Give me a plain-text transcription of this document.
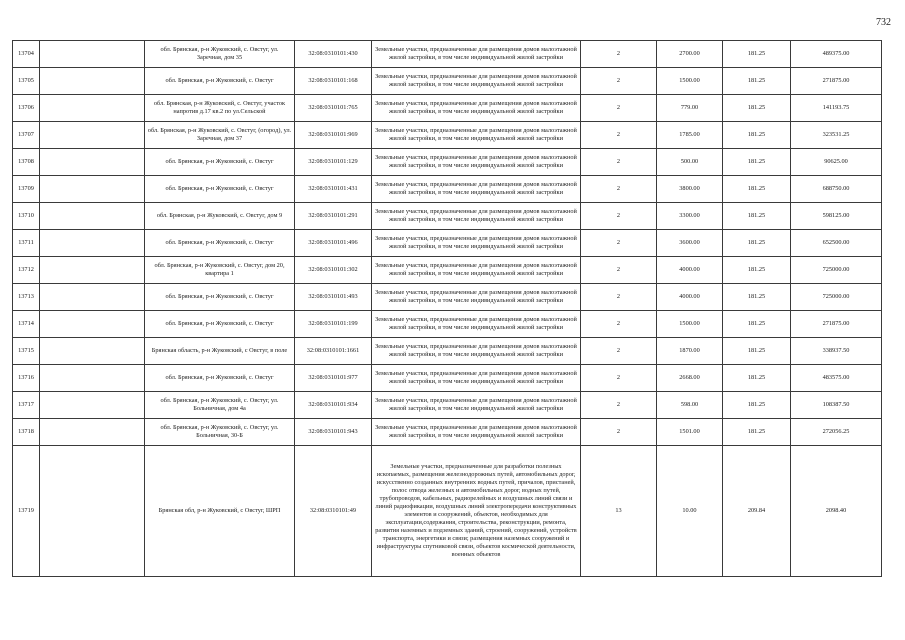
732
13704		обл. Брянская, р-н Жуковский, с. Овстуг, ул. Заречная, дом 35	32:08:0310101:430	Земельные участки, предназначенные для размещения домов малоэтажной жилой застройки, в том числе индивидуальной жилой застройки	2	2700.00	181.25	489375.00
13705		обл. Брянская, р-н Жуковский, с. Овстуг	32:08:0310101:168	Земельные участки, предназначенные для размещения домов малоэтажной жилой застройки, в том числе индивидуальной жилой застройки	2	1500.00	181.25	271875.00
13706		обл. Брянская, р-н Жуковский, с. Овстуг, участок напротив д.17 кв.2 по ул.Сельской	32:08:0310101:765	Земельные участки, предназначенные для размещения домов малоэтажной жилой застройки, в том числе индивидуальной жилой застройки	2	779.00	181.25	141193.75
13707		обл. Брянская, р-н Жуковский, с. Овстуг, (огород), ул. Заречная, дом 37	32:08:0310101:969	Земельные участки, предназначенные для размещения домов малоэтажной жилой застройки, в том числе индивидуальной жилой застройки	2	1785.00	181.25	323531.25
13708		обл. Брянская, р-н Жуковский, с. Овстуг	32:08:0310101:129	Земельные участки, предназначенные для размещения домов малоэтажной жилой застройки, в том числе индивидуальной жилой застройки	2	500.00	181.25	90625.00
13709		обл. Брянская, р-н Жуковский, с. Овстуг	32:08:0310101:431	Земельные участки, предназначенные для размещения домов малоэтажной жилой застройки, в том числе индивидуальной жилой застройки	2	3800.00	181.25	688750.00
13710		обл. Брянская, р-н Жуковский, с. Овстуг, дом 9	32:08:0310101:291	Земельные участки, предназначенные для размещения домов малоэтажной жилой застройки, в том числе индивидуальной жилой застройки	2	3300.00	181.25	598125.00
13711		обл. Брянская, р-н Жуковский, с. Овстуг	32:08:0310101:496	Земельные участки, предназначенные для размещения домов малоэтажной жилой застройки, в том числе индивидуальной жилой застройки	2	3600.00	181.25	652500.00
13712		обл. Брянская, р-н Жуковский, с. Овстуг, дом 20, квартира 1	32:08:0310101:302	Земельные участки, предназначенные для размещения домов малоэтажной жилой застройки, в том числе индивидуальной жилой застройки	2	4000.00	181.25	725000.00
13713		обл. Брянская, р-н Жуковский, с. Овстуг	32:08:0310101:493	Земельные участки, предназначенные для размещения домов малоэтажной жилой застройки, в том числе индивидуальной жилой застройки	2	4000.00	181.25	725000.00
13714		обл. Брянская, р-н Жуковский, с. Овстуг	32:08:0310101:199	Земельные участки, предназначенные для размещения домов малоэтажной жилой застройки, в том числе индивидуальной жилой застройки	2	1500.00	181.25	271875.00
13715		Брянская область, р-н Жуковский, с Овстуг, в поле	32:08:0310101:1661	Земельные участки, предназначенные для размещения домов малоэтажной жилой застройки, в том числе индивидуальной жилой застройки	2	1870.00	181.25	338937.50
13716		обл. Брянская, р-н Жуковский, с. Овстуг	32:08:0310101:977	Земельные участки, предназначенные для размещения домов малоэтажной жилой застройки, в том числе индивидуальной жилой застройки	2	2668.00	181.25	483575.00
13717		обл. Брянская, р-н Жуковский, с. Овстуг, ул. Больничная, дом 4а	32:08:0310101:934	Земельные участки, предназначенные для размещения домов малоэтажной жилой застройки, в том числе индивидуальной жилой застройки	2	598.00	181.25	108387.50
13718		обл. Брянская, р-н Жуковский, с. Овстуг, ул. Больничная, 30-Б	32:08:0310101:943	Земельные участки, предназначенные для размещения домов малоэтажной жилой застройки, в том числе индивидуальной жилой застройки	2	1501.00	181.25	272056.25
13719		Брянская обл, р-н Жуковский, с Овстуг, ШРП	32:08:0310101:49	Земельные участки, предназначенные для разработки полезных ископаемых, размещения железнодорожных путей, автомобильных дорог, искусственно созданных внутренних водных путей, причалов, пристаней, полос отвода железных и автомобильных дорог, водных путей, трубопроводов, кабельных, радиорелейных и воздушных линий связи и линий радиофикации, воздушных линий электропередачи конструктивных элементов и сооружений, объектов, необходимых для эксплуатации,содержания, строительства, реконструкции, ремонта, развития наземных и подземных зданий, строений, сооружений, устройств транспорта, энергетики и связи; размещения наземных сооружений и инфраструктуры спутниковой связи, объектов космической деятельности, военных объектов	13	10.00	209.84	2098.40
